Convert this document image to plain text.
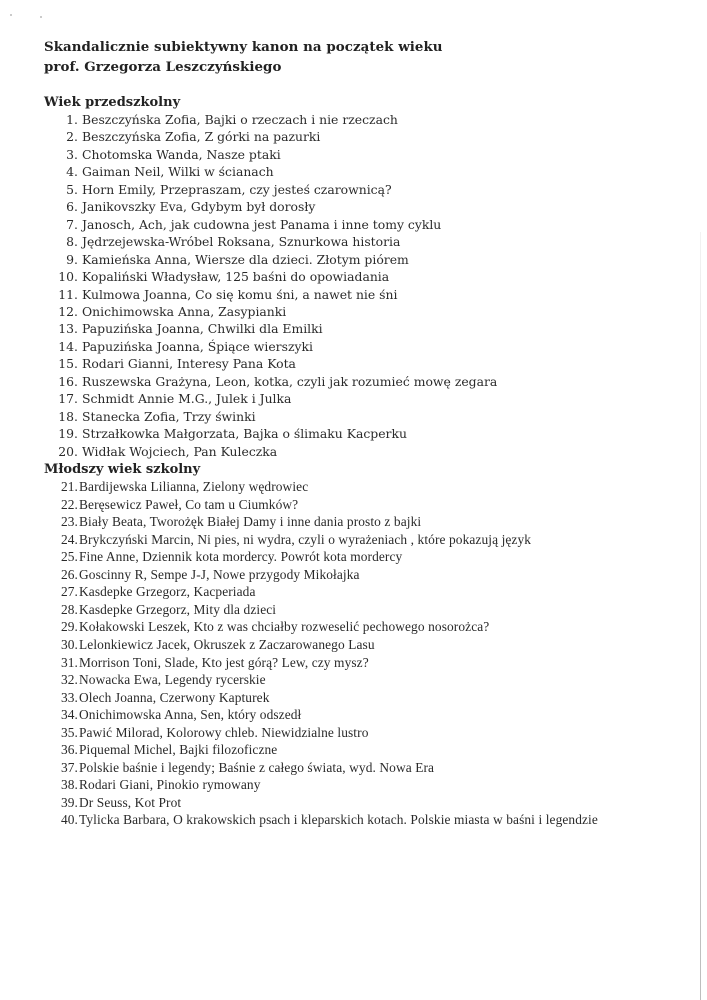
Skandalicznie subiektywny kanon na początek wieku
prof. Grzegorza Leszczyńskiego
Wiek przedszkolny
1. Beszczyńska Zofia, Bajki o rzeczach i nie rzeczach
2. Beszczyńska Zofia, Z górki na pazurki
3. Chotomska Wanda, Nasze ptaki
4. Gaiman Neil, Wilki w ścianach
5. Horn Emily, Przepraszam, czy jesteś czarownicą?
6. Janikovszky Eva, Gdybym był dorosły
7. Janosch, Ach, jak cudowna jest Panama i inne tomy cyklu
8. Jędrzejewska-Wróbel Roksana, Sznurkowa historia
9. Kamieńska Anna, Wiersze dla dzieci. Złotym piórem
10. Kopaliński Władysław, 125 baśni do opowiadania
11. Kulmowa Joanna, Co się komu śni, a nawet nie śni
12. Onichimowska Anna, Zasypianki
13. Papuzińska Joanna, Chwilki dla Emilki
14. Papuzińska Joanna, Śpiące wierszyki
15. Rodari Gianni, Interesy Pana Kota
16. Ruszewska Grażyna, Leon, kotka, czyli jak rozumieć mowę zegara
17. Schmidt Annie M.G., Julek i Julka
18. Stanecka Zofia, Trzy świnki
19. Strzałkowka Małgorzata, Bajka o ślimaku Kacperku
20. Widłak Wojciech, Pan Kuleczka
Młodszy wiek szkolny
21. Bardijewska Lilianna, Zielony wędrowiec
22. Beręsewicz Paweł, Co tam u Ciumków?
23. Biały Beata, Tworożęk Białej Damy i inne dania prosto z bajki
24. Brykczyński Marcin, Ni pies, ni wydra, czyli o wyrażeniach , które pokazują język
25. Fine Anne, Dziennik kota mordercy. Powrót kota mordercy
26. Goscinny R, Sempe J-J, Nowe przygody Mikołajka
27. Kasdepke Grzegorz, Kacperiada
28. Kasdepke Grzegorz, Mity dla dzieci
29. Kołakowski Leszek, Kto z was chciałby rozweselić pechowego nosorożca?
30. Lelonkiewicz Jacek, Okruszek z Zaczarowanego Lasu
31. Morrison Toni, Slade, Kto jest górą? Lew, czy mysz?
32. Nowacka Ewa, Legendy rycerskie
33. Olech Joanna, Czerwony Kapturek
34. Onichimowska Anna, Sen, który odszedł
35. Pawić Milorad, Kolorowy chleb. Niewidzialne lustro
36. Piquemal Michel, Bajki filozoficzne
37. Polskie baśnie i legendy; Baśnie z całego świata, wyd. Nowa Era
38. Rodari Giani, Pinokio rymowany
39. Dr Seuss, Kot Prot
40. Tylicka Barbara, O krakowskich psach i kleparskich kotach. Polskie miasta w baśni i legendzie
